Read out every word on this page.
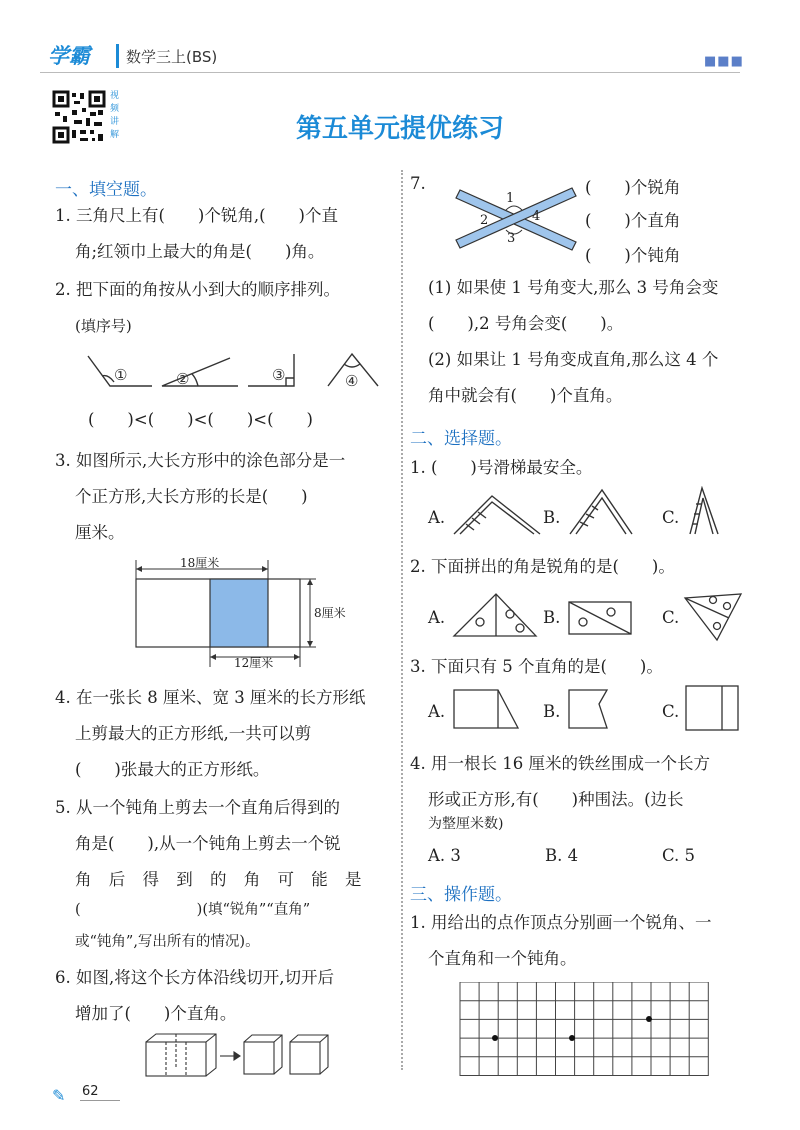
学霸 数学三上(BS)	■■■
视频讲解	第五单元提优练习
一、填空题。
1. 三角尺上有(　　)个锐角,(　　)个直
角;红领巾上最大的角是(　　)角。
2. 把下面的角按从小到大的顺序排列。
(填序号)
①	②	③	④
(　　)<(　　)<(　　)<(　　)
3. 如图所示,大长方形中的涂色部分是一
个正方形,大长方形的长是(　　)
厘米。
18厘米
8厘米
12厘米
4. 在一张长 8 厘米、宽 3 厘米的长方形纸
上剪最大的正方形纸,一共可以剪
(　　)张最大的正方形纸。
5. 从一个钝角上剪去一个直角后得到的
角是(　　),从一个钝角上剪去一个锐
角 后 得 到 的 角 可 能 是
(　　　　　　　　)(填“锐角”“直角”
或“钝角”,写出所有的情况)。
6. 如图,将这个长方体沿线切开,切开后
增加了(　　)个直角。
7.
1
2
3
4
(　　)个锐角
(　　)个直角
(　　)个钝角
(1) 如果使 1 号角变大,那么 3 号角会变
(　　),2 号角会变(　　)。
(2) 如果让 1 号角变成直角,那么这 4 个
角中就会有(　　)个直角。
二、选择题。
1. (　　)号滑梯最安全。
A.	B.	C.
2. 下面拼出的角是锐角的是(　　)。
A.	B.	C.
3. 下面只有 5 个直角的是(　　)。
A.	B.	C.
4. 用一根长 16 厘米的铁丝围成一个长方
形或正方形,有(　　)种围法。(边长
为整厘米数)
A. 3	B. 4	C. 5
三、操作题。
1. 用给出的点作顶点分别画一个锐角、一
个直角和一个钝角。
✎ 62
